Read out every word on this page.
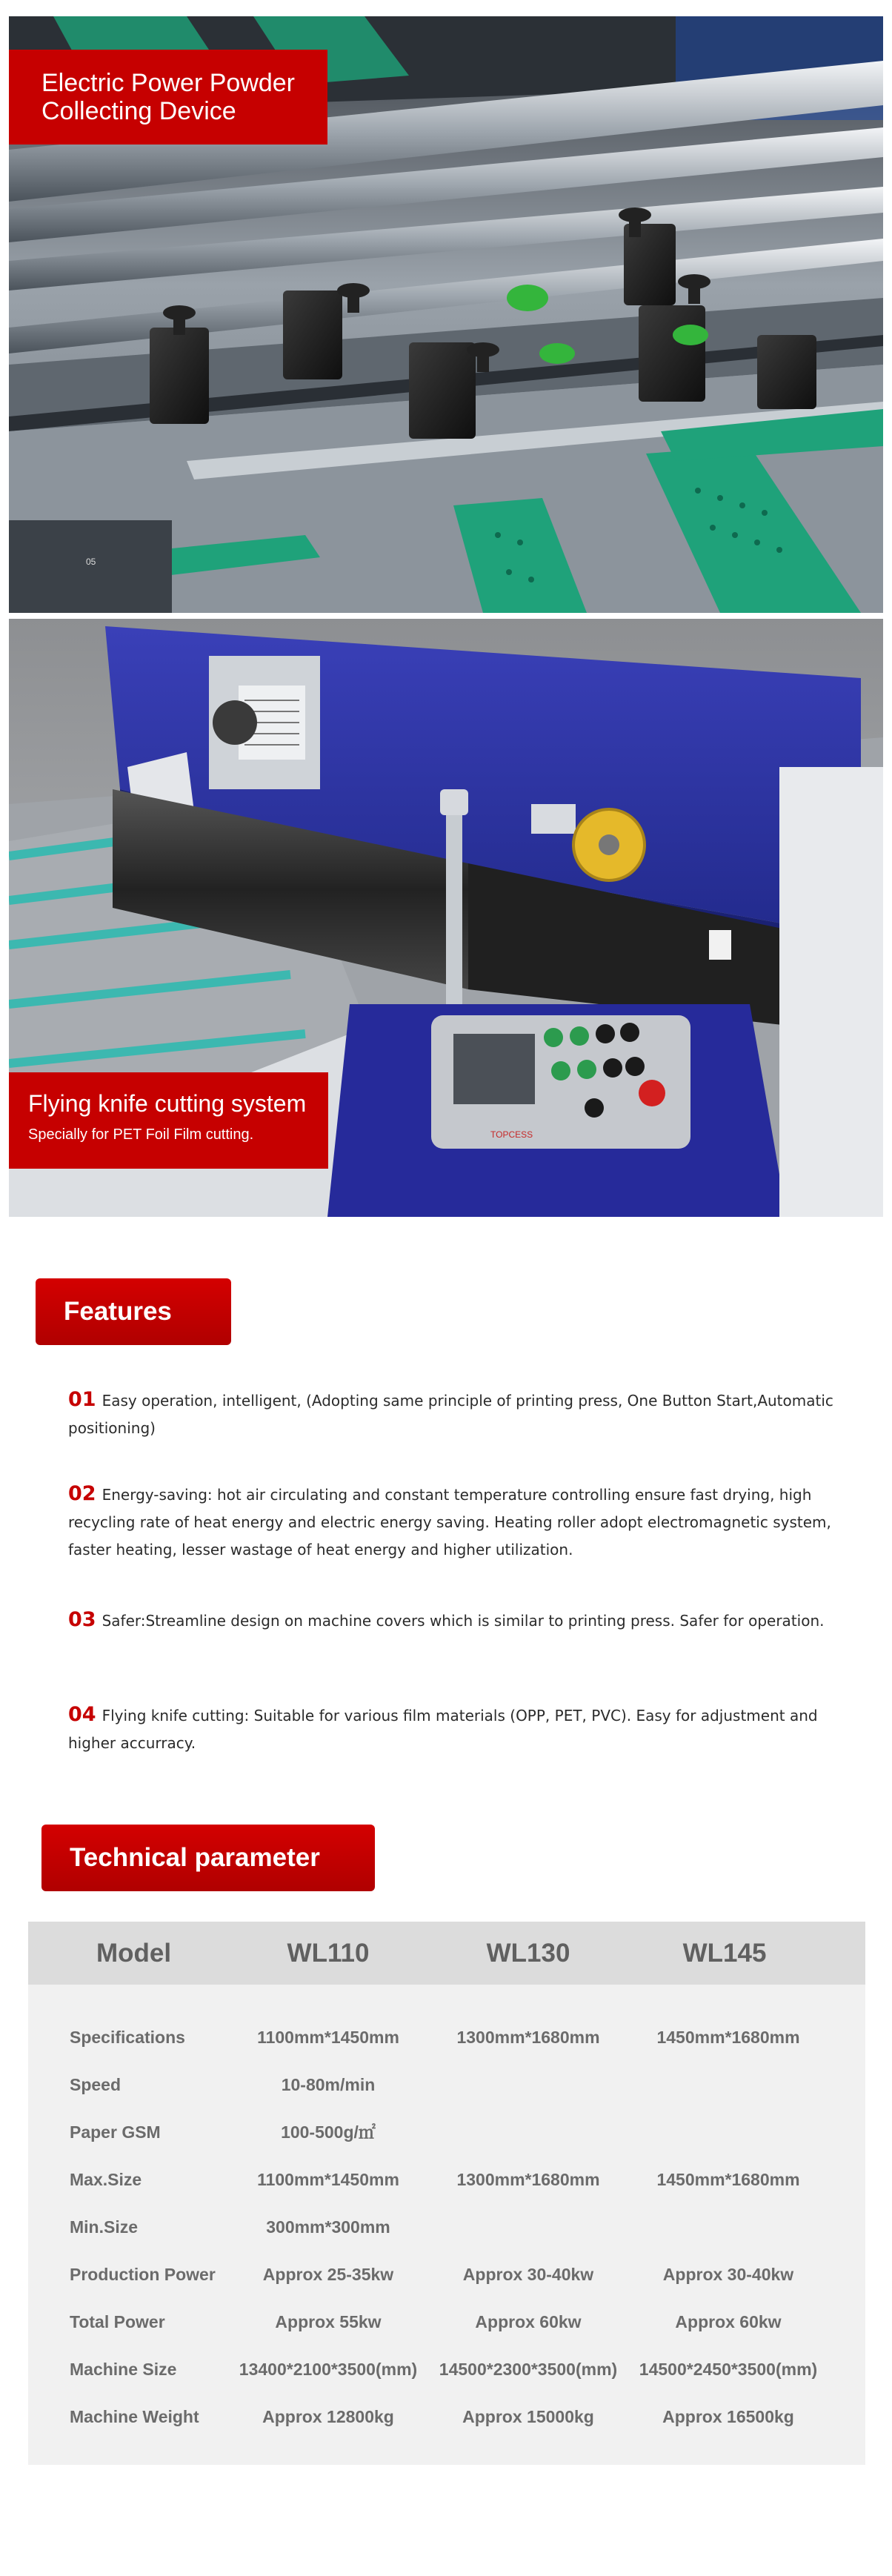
05
Electric Power Powder
Collecting Device
TOPCESS
Flying knife cutting system
Specially for PET Foil Film cutting.
Features
01 Easy operation, intelligent, (Adopting same principle of printing press, One Button Start,Automatic positioning)
02 Energy-saving: hot air circulating and constant temperature controlling ensure fast drying, high recycling rate of heat energy and electric energy saving. Heating roller adopt electromagnetic system, faster heating, lesser wastage of heat energy and higher utilization.
03 Safer:Streamline design on machine covers which is similar to printing press. Safer for operation.
04 Flying knife cutting: Suitable for various film materials (OPP, PET, PVC). Easy for adjustment and higher accurracy.
Technical parameter
Model	WL110	WL130	WL145
Specifications	1100mm*1450mm	1300mm*1680mm	1450mm*1680mm
Speed	10-80m/min
Paper GSM	100-500g/㎡
Max.Size	1100mm*1450mm	1300mm*1680mm	1450mm*1680mm
Min.Size	300mm*300mm
Production Power	Approx 25-35kw	Approx 30-40kw	Approx 30-40kw
Total Power	Approx 55kw	Approx 60kw	Approx 60kw
Machine Size	13400*2100*3500(mm)	14500*2300*3500(mm)	14500*2450*3500(mm)
Machine Weight	Approx 12800kg	Approx 15000kg	Approx 16500kg
